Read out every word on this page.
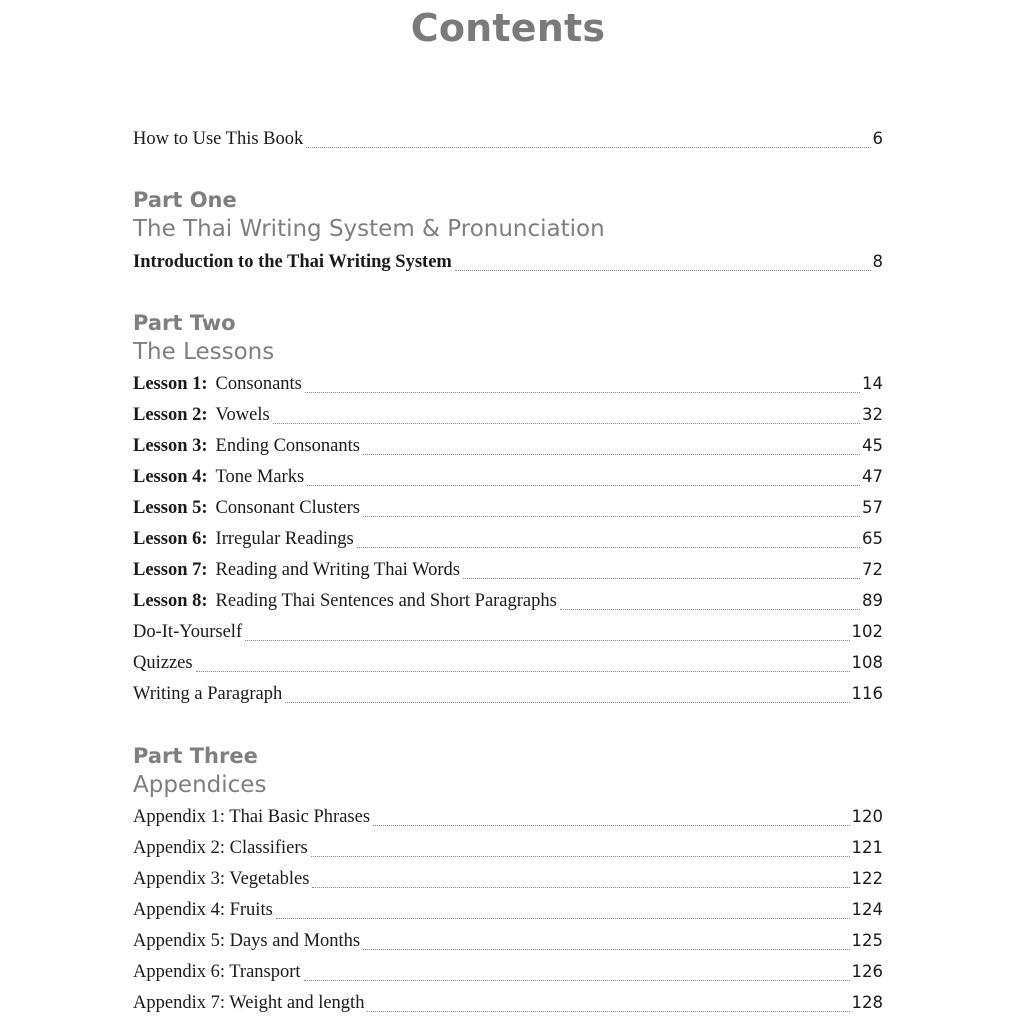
Contents
How to Use This Book	6
Part One
The Thai Writing System & Pronunciation
Introduction to the Thai Writing System	8
Part Two
The Lessons
Lesson 1: Consonants	14
Lesson 2: Vowels	32
Lesson 3: Ending Consonants	45
Lesson 4: Tone Marks	47
Lesson 5: Consonant Clusters	57
Lesson 6: Irregular Readings	65
Lesson 7: Reading and Writing Thai Words	72
Lesson 8: Reading Thai Sentences and Short Paragraphs	89
Do-It-Yourself	102
Quizzes	108
Writing a Paragraph	116
Part Three
Appendices
Appendix 1: Thai Basic Phrases	120
Appendix 2: Classifiers	121
Appendix 3: Vegetables	122
Appendix 4: Fruits	124
Appendix 5: Days and Months	125
Appendix 6: Transport	126
Appendix 7: Weight and length	128
